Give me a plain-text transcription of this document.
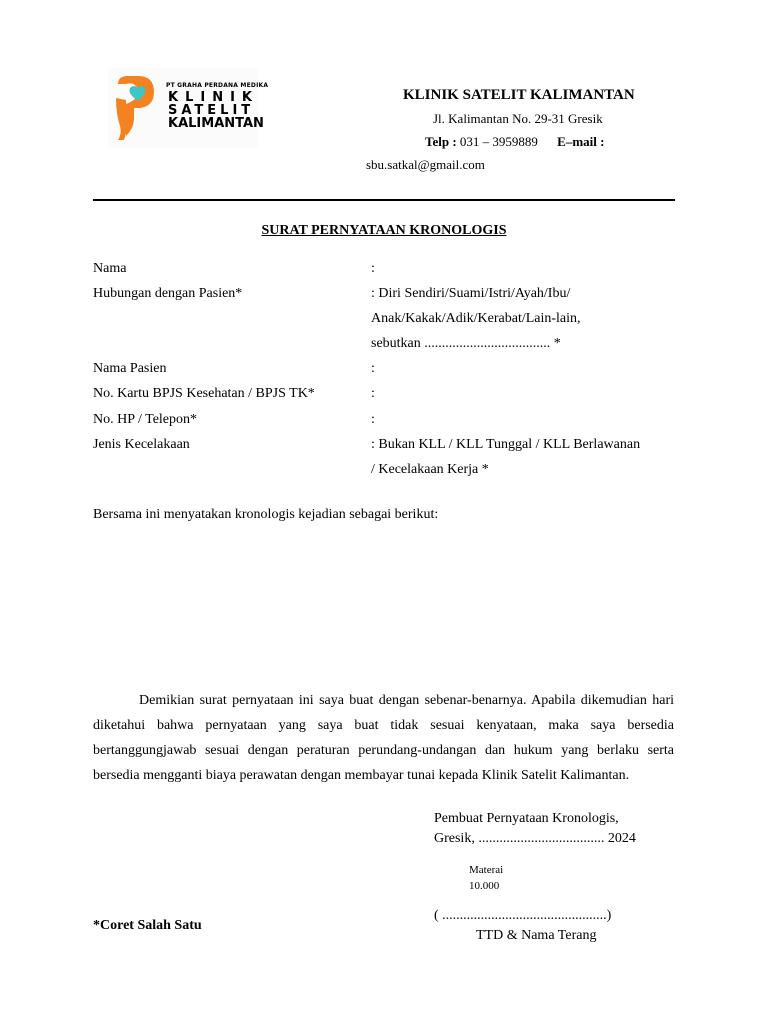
PT GRAHA PERDANA MEDIKA
KLINIK
SATELIT
KALIMANTAN
KLINIK SATELIT KALIMANTAN
Jl. Kalimantan No. 29-31 Gresik
Telp : 031 – 3959889 E–mail :
sbu.satkal@gmail.com
SURAT PERNYATAAN KRONOLOGIS
Nama	:
Hubungan dengan Pasien*	: Diri Sendiri/Suami/Istri/Ayah/Ibu/
Anak/Kakak/Adik/Kerabat/Lain-lain,
sebutkan .................................... *
Nama Pasien	:
No. Kartu BPJS Kesehatan / BPJS TK*	:
No. HP / Telepon*	:
Jenis Kecelakaan	: Bukan KLL / KLL Tunggal / KLL Berlawanan
/ Kecelakaan Kerja *
Bersama ini menyatakan kronologis kejadian sebagai berikut:
Demikian surat pernyataan ini saya buat dengan sebenar-benarnya. Apabila dikemudian hari diketahui bahwa pernyataan yang saya buat tidak sesuai kenyataan, maka saya bersedia bertanggungjawab sesuai dengan peraturan perundang-undangan dan hukum yang berlaku serta bersedia mengganti biaya perawatan dengan membayar tunai kepada Klinik Satelit Kalimantan.
Pembuat Pernyataan Kronologis,
Gresik, .................................... 2024
Materai
10.000
( ...............................................)
TTD & Nama Terang
*Coret Salah Satu
